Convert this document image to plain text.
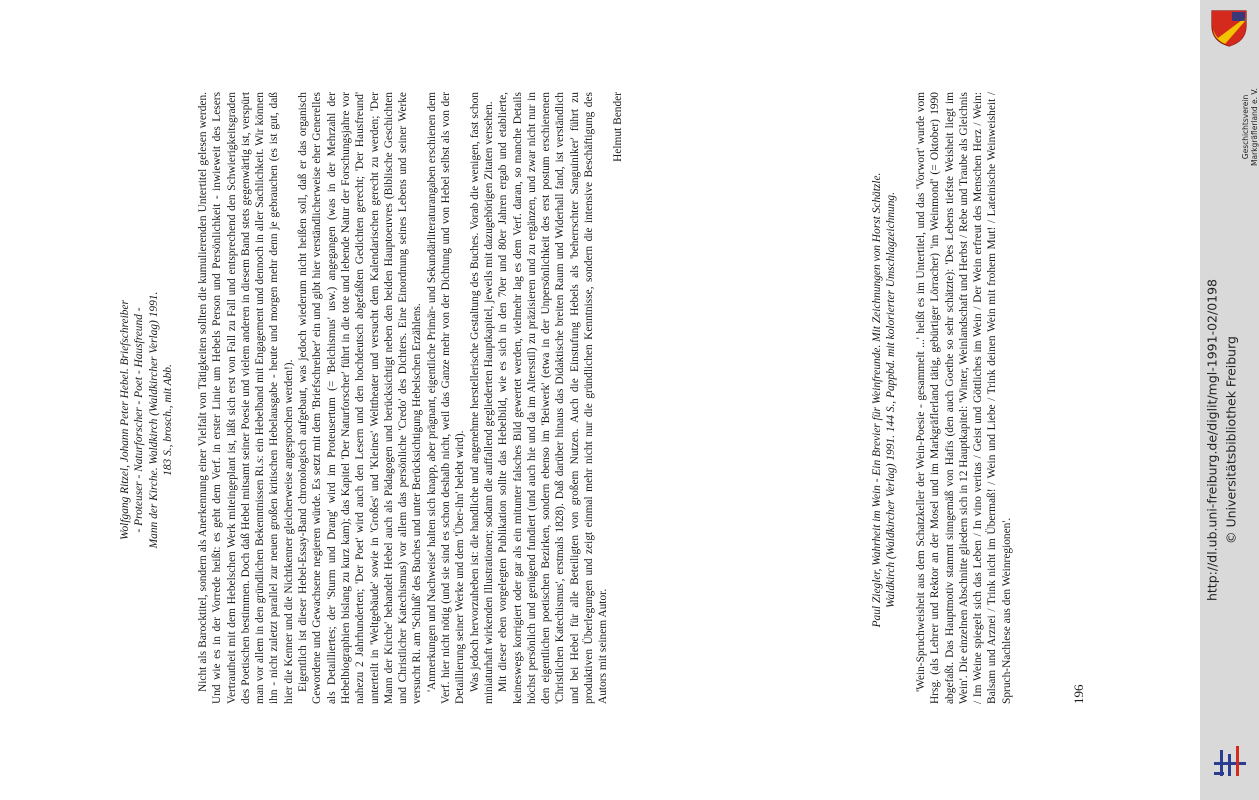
Wolfgang Ritzel, Johann Peter Hebel. Briefschreiber - Proteuser - Naturforscher - Poet - Hausfreund - Mann der Kirche. Waldkirch (Waldkircher Verlag) 1991. 183 S., brosch., mit Abb. Nicht als Barocktitel, sondern als Anerkennung einer Vielfalt von Tätigkeiten sollten die kumulierenden Untertitel gelesen werden. Und wie es in der Vorrede heißt: es geht dem Verf. in erster Linie um Hebels Person und Persönlichkeit - inwieweit des Lesers Vertrautheit mit dem Hebelschen Werk miteingeplant ist, läßt sich erst von Fall zu Fall und entsprechend den Schwierigkeitsgraden des Poetischen bestimmen. Doch daß Hebel mitsamt seiner Poesie und vielem anderen in diesem Band stets gegenwärtig ist, verspürt man vor allem in den gründlichen Bekenntnissen Ri.s: ein Hebelband mit Engagement und dennoch in aller Sachlichkeit. Wir können ihn - nicht zuletzt parallel zur neuen großen kritischen Hebelausgabe - heute und morgen mehr denn je gebrauchen (es ist gut, daß hier die Kenner und die Nichtkenner gleicherweise angesprochen werden!). Eigentlich ist dieser Hebel-Essay-Band chronologisch aufgebaut, was jedoch wiederum nicht heißen soll, daß er das organisch Gewordene und Gewachsene negieren würde. Es setzt mit dem 'Briefschreiber' ein und gibt hier verständlicherweise eher Generelles als Detailliertes; der 'Sturm und Drang' wird im Proteusertum (= 'Belchismus' usw.) angegangen (was in der Mehrzahl der Hebelbiographien bislang zu kurz kam); das Kapitel 'Der Naturforscher' führt in die tote und lebende Natur der Forschungsjahre vor nahezu 2 Jahrhunderten; 'Der Poet' wird auch den Lesern und den hochdeutsch abgefaßten Gedichten gerecht; 'Der Hausfreund' unterteilt in 'Weltgebäude' sowie in 'Großes' und 'Kleines' Welttheater und versucht dem Kalendarischen gerecht zu werden; 'Der Mann der Kirche' behandelt Hebel auch als Pädagogen und berücksichtigt neben den beiden Hauptoeuvres (Biblische Geschichten und Christlicher Katechismus) vor allem das persönliche 'Credo' des Dichters. Eine Einordnung seines Lebens und seiner Werke versucht Ri. am 'Schluß' des Buches und unter Berücksichtigung Hebelschen Erzählens. 'Anmerkungen und Nachweise' halten sich knapp, aber prägnant, eigentliche Primär- und Sekundärliteraturangaben erschienen dem Verf. hier nicht nötig (und sie sind es schon deshalb nicht, weil das Ganze mehr von der Dichtung und von Hebel selbst als von der Detaillierung seiner Werke und dem 'Über-ihn' belebt wird). Was jedoch hervorzuheben ist: die handliche und angenehme herstellerische Gestaltung des Buches. Vorab die wenigen, fast schon miniaturhaft wirkenden Illustrationen; sodann die auffallend gegliederten Hauptkapitel, jeweils mit dazugehörigen Zitaten versehen. Mit dieser eben vorgelegten Publikation sollte das Hebelbild, wie es sich in den 70er und 80er Jahren ergab und etablierte, keineswegs korrigiert oder gar als ein mitunter falsches Bild gewertet werden, vielmehr lag es dem Verf. daran, so manche Details höchst persönlich und genügend fundiert (und auch hie und da im Altersstil) zu präzisieren und zu ergänzen, und zwar nicht nur in den eigentlichen poetischen Bezirken, sondern ebenso im 'Beiwerk' (etwa in der Unpersönlichkeit des erst postum erschienenen 'Christlichen Katechismus', erstmals 1828). Daß darüber hinaus das Didaktische breiten Raum und Widerhall fand, ist verständlich und bei Hebel für alle Beteiligten von großem Nutzen. Auch die Einstufung Hebels als 'beherrschter Sanguiniker' führt zu produktiven Überlegungen und zeigt einmal mehr nicht nur die gründlichen Kenntnisse, sondern die intensive Beschäftigung des Autors mit seinem Autor.

Helmut Bender
Paul Ziegler, Wahrheit im Wein - Ein Brevier für Weinfreunde. Mit Zeichnungen von Horst Schätzle. Waldkirch (Waldkircher Verlag) 1991. 144 S., Pappbd. mit kolorierter Umschlagzeichnung. 'Wein-Spruchweisheit aus dem Schatzkeller der Wein-Poesie - gesammelt ...' heißt es im Untertitel, und das 'Vorwort' wurde vom Hrsg. (als Lehrer und Rektor an der Mosel und im Markgräflerland tätig, gebürtiger Lörracher) 'im Weinmond' (= Oktober) 1990 abgefaßt. Das Hauptmotiv stammt sinngemäß von Hafis (den auch Goethe so sehr schätzte): 'Des Lebens tiefste Weisheit liegt im Wein'. Die einzelnen Abschnitte gliedern sich in 12 Hauptkapitel: 'Winter, Weinlandschaft und Herbst / Rebe und Traube als Gleichnis / Im Weine spiegelt sich das Leben / In vino veritas / Geist und Göttliches im Wein / Der Wein erfreut des Menschen Herz / Wein: Balsam und Arznei / Trink nicht im Übermaß! / Wein und Liebe / Trink deinen Wein mit frohem Mut! / Lateinische Weinweisheit / Spruch-Nachlese aus den Weinregionen'.	196
Geschichtsverein Markgräflerland e. V.
http://dl.ub.uni-freiburg.de/diglit/mgl-1991-02/0198 © Universitätsbibliothek Freiburg
